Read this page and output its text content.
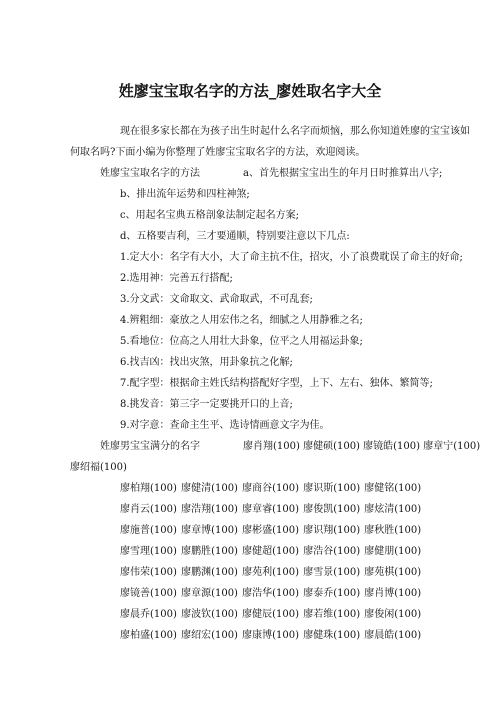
姓廖宝宝取名字的方法_廖姓取名字大全
现在很多家长都在为孩子出生时起什么名字而烦恼，那么你知道姓廖的宝宝该如
何取名吗?下面小编为你整理了姓廖宝宝取名字的方法，欢迎阅读。
姓廖宝宝取名字的方法	a、首先根据宝宝出生的年月日时推算出八字;
b、排出流年运势和四柱神煞;
c、用起名宝典五格剖象法制定起名方案;
d、五格要吉利，三才要通顺，特别要注意以下几点:
1.定大小：名字有大小，大了命主抗不住，招灾，小了浪费耽误了命主的好命;
2.选用神：完善五行搭配;
3.分文武：文命取文、武命取武，不可乱套;
4.辨粗细：豪放之人用宏伟之名，细腻之人用静雅之名;
5.看地位：位高之人用壮大卦象，位平之人用福运卦象;
6.找吉凶：找出灾煞，用卦象抗之化解;
7.配字型：根据命主姓氏结构搭配好字型，上下、左右、独体、繁简等;
8.挑发音：第三字一定要挑开口的上音;
9.对字意：查命主生平、选诗情画意文字为佳。
姓廖男宝宝满分的名字	廖肖翔(100) 廖健硕(100) 廖镜皓(100) 廖章宁(100)
廖绍福(100)
廖柏翔(100) 廖健清(100) 廖商谷(100) 廖识斯(100) 廖健铭(100)
廖肖云(100) 廖浩翔(100) 廖章睿(100) 廖俊凯(100) 廖炫清(100)
廖施普(100) 廖章博(100) 廖彬盛(100) 廖识翔(100) 廖秋胜(100)
廖雪理(100) 廖鹏胜(100) 廖健超(100) 廖浩谷(100) 廖健朋(100)
廖伟荣(100) 廖鹏渊(100) 廖苑利(100) 廖雪景(100) 廖苑棋(100)
廖镜善(100) 廖章源(100) 廖浩华(100) 廖泰乔(100) 廖肖博(100)
廖晨乔(100) 廖波钦(100) 廖健辰(100) 廖若维(100) 廖俊闲(100)
廖柏盛(100) 廖绍宏(100) 廖康博(100) 廖健珠(100) 廖晨皓(100)
